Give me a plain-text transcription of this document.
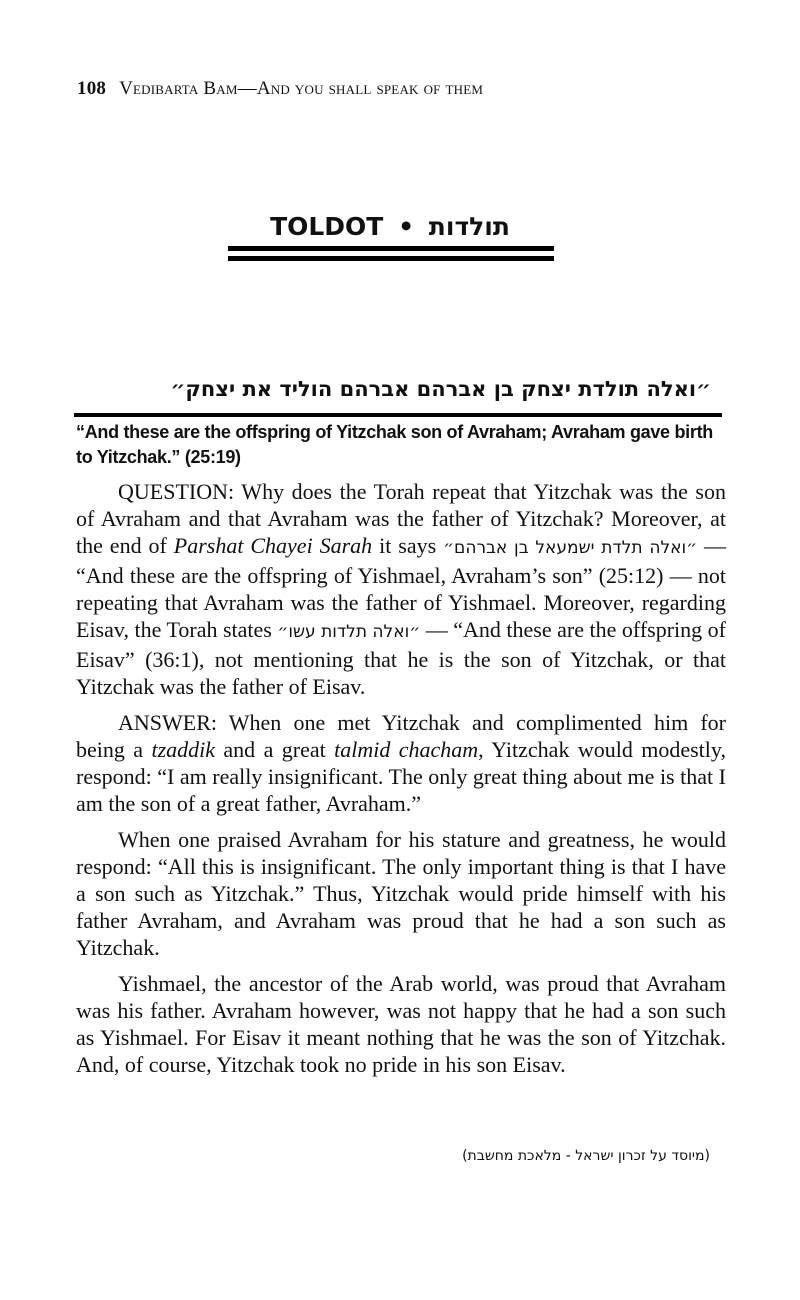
108 Vedibarta Bam—And you shall speak of them
TOLDOT • תולדות
״ואלה תולדת יצחק בן אברהם אברהם הוליד את יצחק״
“And these are the offspring of Yitzchak son of Avraham; Avraham gave birth to Yitzchak.” (25:19)

QUESTION: Why does the Torah repeat that Yitzchak was the son of Avraham and that Avraham was the father of Yitzchak? Moreover, at the end of Parshat Chayei Sarah it says ״ואלה תלדת ישמעאל בן אברהם״ — “And these are the offspring of Yishmael, Avraham’s son” (25:12) — not repeating that Avraham was the father of Yishmael. Moreover, regarding Eisav, the Torah states ״ואלה תלדות עשו״ — “And these are the offspring of Eisav” (36:1), not mentioning that he is the son of Yitzchak, or that Yitzchak was the father of Eisav.

ANSWER: When one met Yitzchak and complimented him for being a tzaddik and a great talmid chacham, Yitzchak would modestly, respond: “I am really insignificant. The only great thing about me is that I am the son of a great father, Avraham.”

When one praised Avraham for his stature and greatness, he would respond: “All this is insignificant. The only important thing is that I have a son such as Yitzchak.” Thus, Yitzchak would pride himself with his father Avraham, and Avraham was proud that he had a son such as Yitzchak.

Yishmael, the ancestor of the Arab world, was proud that Avraham was his father. Avraham however, was not happy that he had a son such as Yishmael. For Eisav it meant nothing that he was the son of Yitzchak. And, of course, Yitzchak took no pride in his son Eisav.

(מיוסד על זכרון ישראל - מלאכת מחשבת)
